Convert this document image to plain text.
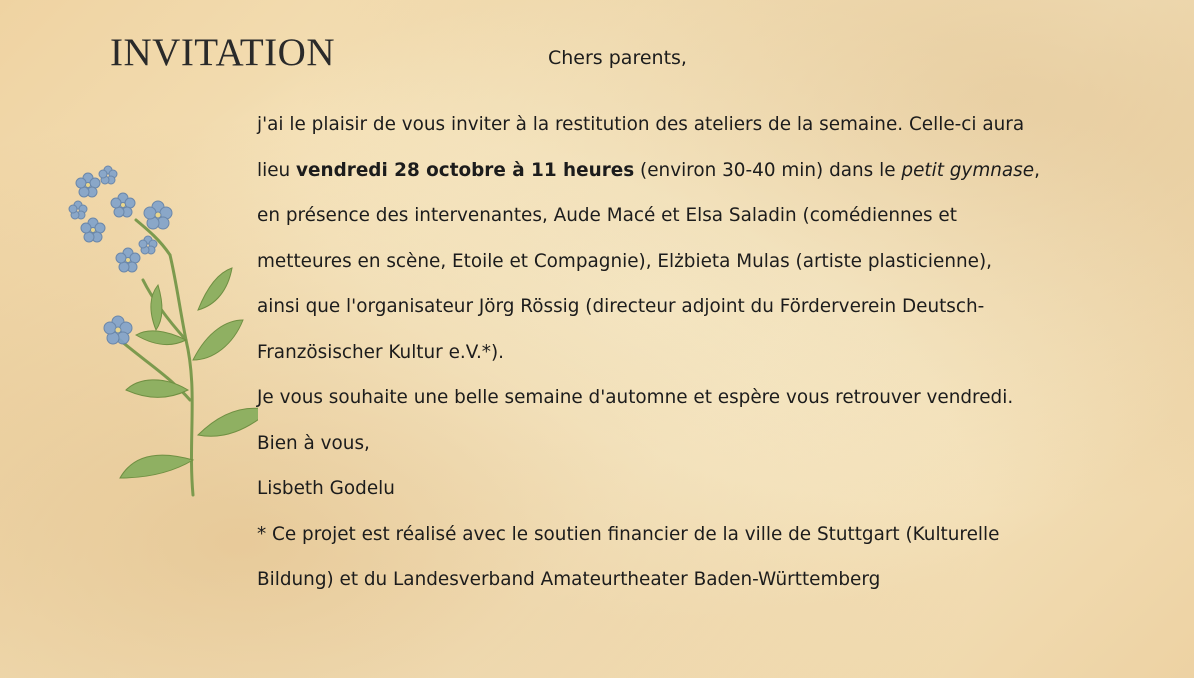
INVITATION	Chers parents,
j'ai le plaisir de vous inviter à la restitution des ateliers de la semaine. Celle-ci aura
lieu vendredi 28 octobre à 11 heures (environ 30-40 min) dans le petit gymnase,
en présence des intervenantes, Aude Macé et Elsa Saladin (comédiennes et
metteures en scène, Etoile et Compagnie), Elżbieta Mulas (artiste plasticienne),
ainsi que l'organisateur Jörg Rössig (directeur adjoint du Förderverein Deutsch-
Französischer Kultur e.V.*).
Je vous souhaite une belle semaine d'automne et espère vous retrouver vendredi.
Bien à vous,
Lisbeth Godelu
* Ce projet est réalisé avec le soutien financier de la ville de Stuttgart (Kulturelle
Bildung) et du Landesverband Amateurtheater Baden-Württemberg
